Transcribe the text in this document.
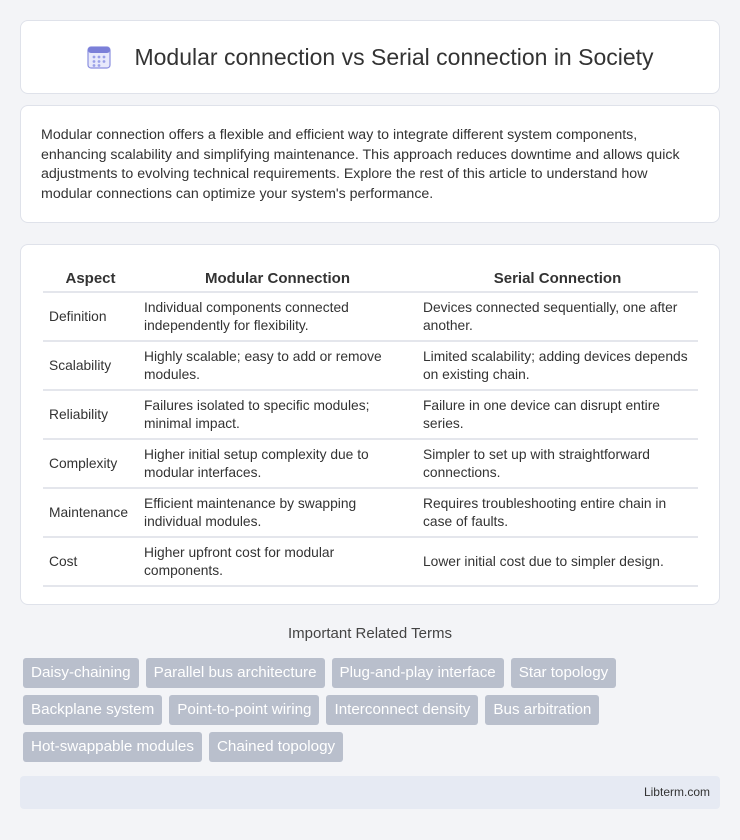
Modular connection vs Serial connection in Society

Modular connection offers a flexible and efficient way to integrate different system components, enhancing scalability and simplifying maintenance. This approach reduces downtime and allows quick adjustments to evolving technical requirements. Explore the rest of this article to understand how modular connections can optimize your system's performance.

Aspect	Modular Connection	Serial Connection
Definition	Individual components connected independently for flexibility.	Devices connected sequentially, one after another.
Scalability	Highly scalable; easy to add or remove modules.	Limited scalability; adding devices depends on existing chain.
Reliability	Failures isolated to specific modules; minimal impact.	Failure in one device can disrupt entire series.
Complexity	Higher initial setup complexity due to modular interfaces.	Simpler to set up with straightforward connections.
Maintenance	Efficient maintenance by swapping individual modules.	Requires troubleshooting entire chain in case of faults.
Cost	Higher upfront cost for modular components.	Lower initial cost due to simpler design.
Important Related Terms
Daisy-chaining	Parallel bus architecture	Plug-and-play interface	Star topology
Backplane system	Point-to-point wiring	Interconnect density	Bus arbitration
Hot-swappable modules	Chained topology
Libterm.com
